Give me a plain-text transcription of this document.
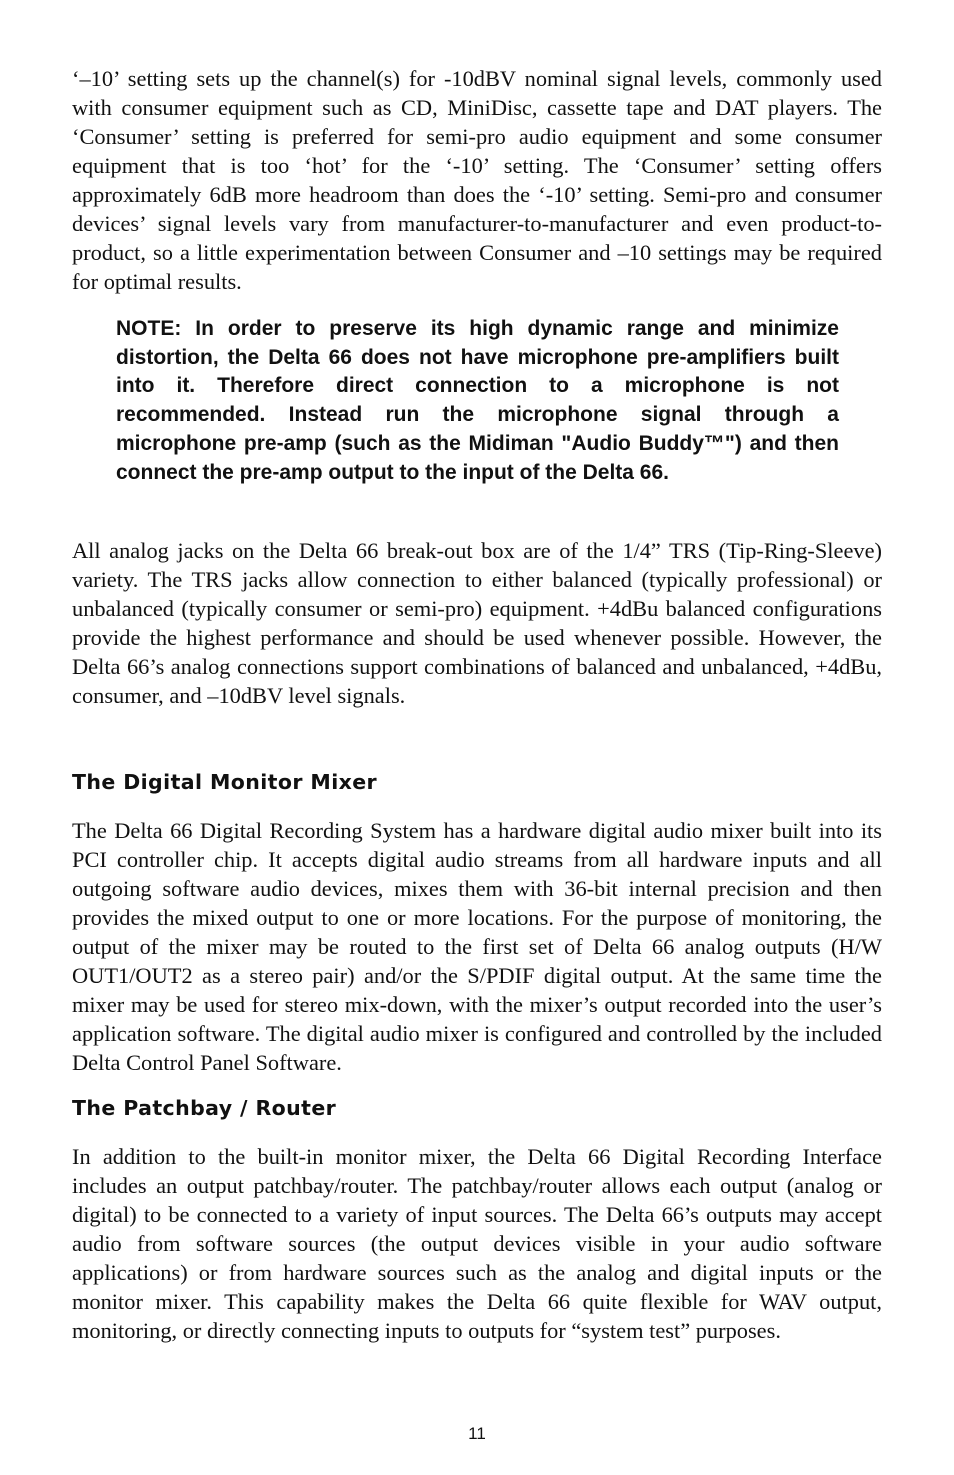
‘–10’ setting sets up the channel(s) for -10dBV nominal signal levels, commonly used with consumer equipment such as CD, MiniDisc, cassette tape and DAT players. The ‘Consumer’ setting is preferred for semi-pro audio equipment and some consumer equipment that is too ‘hot’ for the ‘-10’ setting. The ‘Consumer’ setting offers approximately 6dB more headroom than does the ‘-10’ setting. Semi-pro and consumer devices’ signal levels vary from manufacturer-to-manufacturer and even product-to-product, so a little experimentation between Consumer and –10 settings may be required for optimal results.

NOTE: In order to preserve its high dynamic range and minimize distortion, the Delta 66 does not have microphone pre-amplifiers built into it. Therefore direct connection to a microphone is not recommended. Instead run the microphone signal through a microphone pre-amp (such as the Midiman "Audio Buddy™") and then connect the pre-amp output to the input of the Delta 66.

All analog jacks on the Delta 66 break-out box are of the 1/4” TRS (Tip-Ring-Sleeve) variety. The TRS jacks allow connection to either balanced (typically professional) or unbalanced (typically consumer or semi-pro) equipment. +4dBu balanced configurations provide the highest performance and should be used whenever possible. However, the Delta 66’s analog connections support combinations of balanced and unbalanced, +4dBu, consumer, and –10dBV level signals.

The Digital Monitor Mixer

The Delta 66 Digital Recording System has a hardware digital audio mixer built into its PCI controller chip. It accepts digital audio streams from all hardware inputs and all outgoing software audio devices, mixes them with 36-bit internal precision and then provides the mixed output to one or more locations. For the purpose of monitoring, the output of the mixer may be routed to the first set of Delta 66 analog outputs (H/W OUT1/OUT2 as a stereo pair) and/or the S/PDIF digital output. At the same time the mixer may be used for stereo mix-down, with the mixer’s output recorded into the user’s application software. The digital audio mixer is configured and controlled by the included Delta Control Panel Software.

The Patchbay / Router

In addition to the built-in monitor mixer, the Delta 66 Digital Recording Interface includes an output patchbay/router. The patchbay/router allows each output (analog or digital) to be connected to a variety of input sources. The Delta 66’s outputs may accept audio from software sources (the output devices visible in your audio software applications) or from hardware sources such as the analog and digital inputs or the monitor mixer. This capability makes the Delta 66 quite flexible for WAV output, monitoring, or directly connecting inputs to outputs for “system test” purposes.

11
